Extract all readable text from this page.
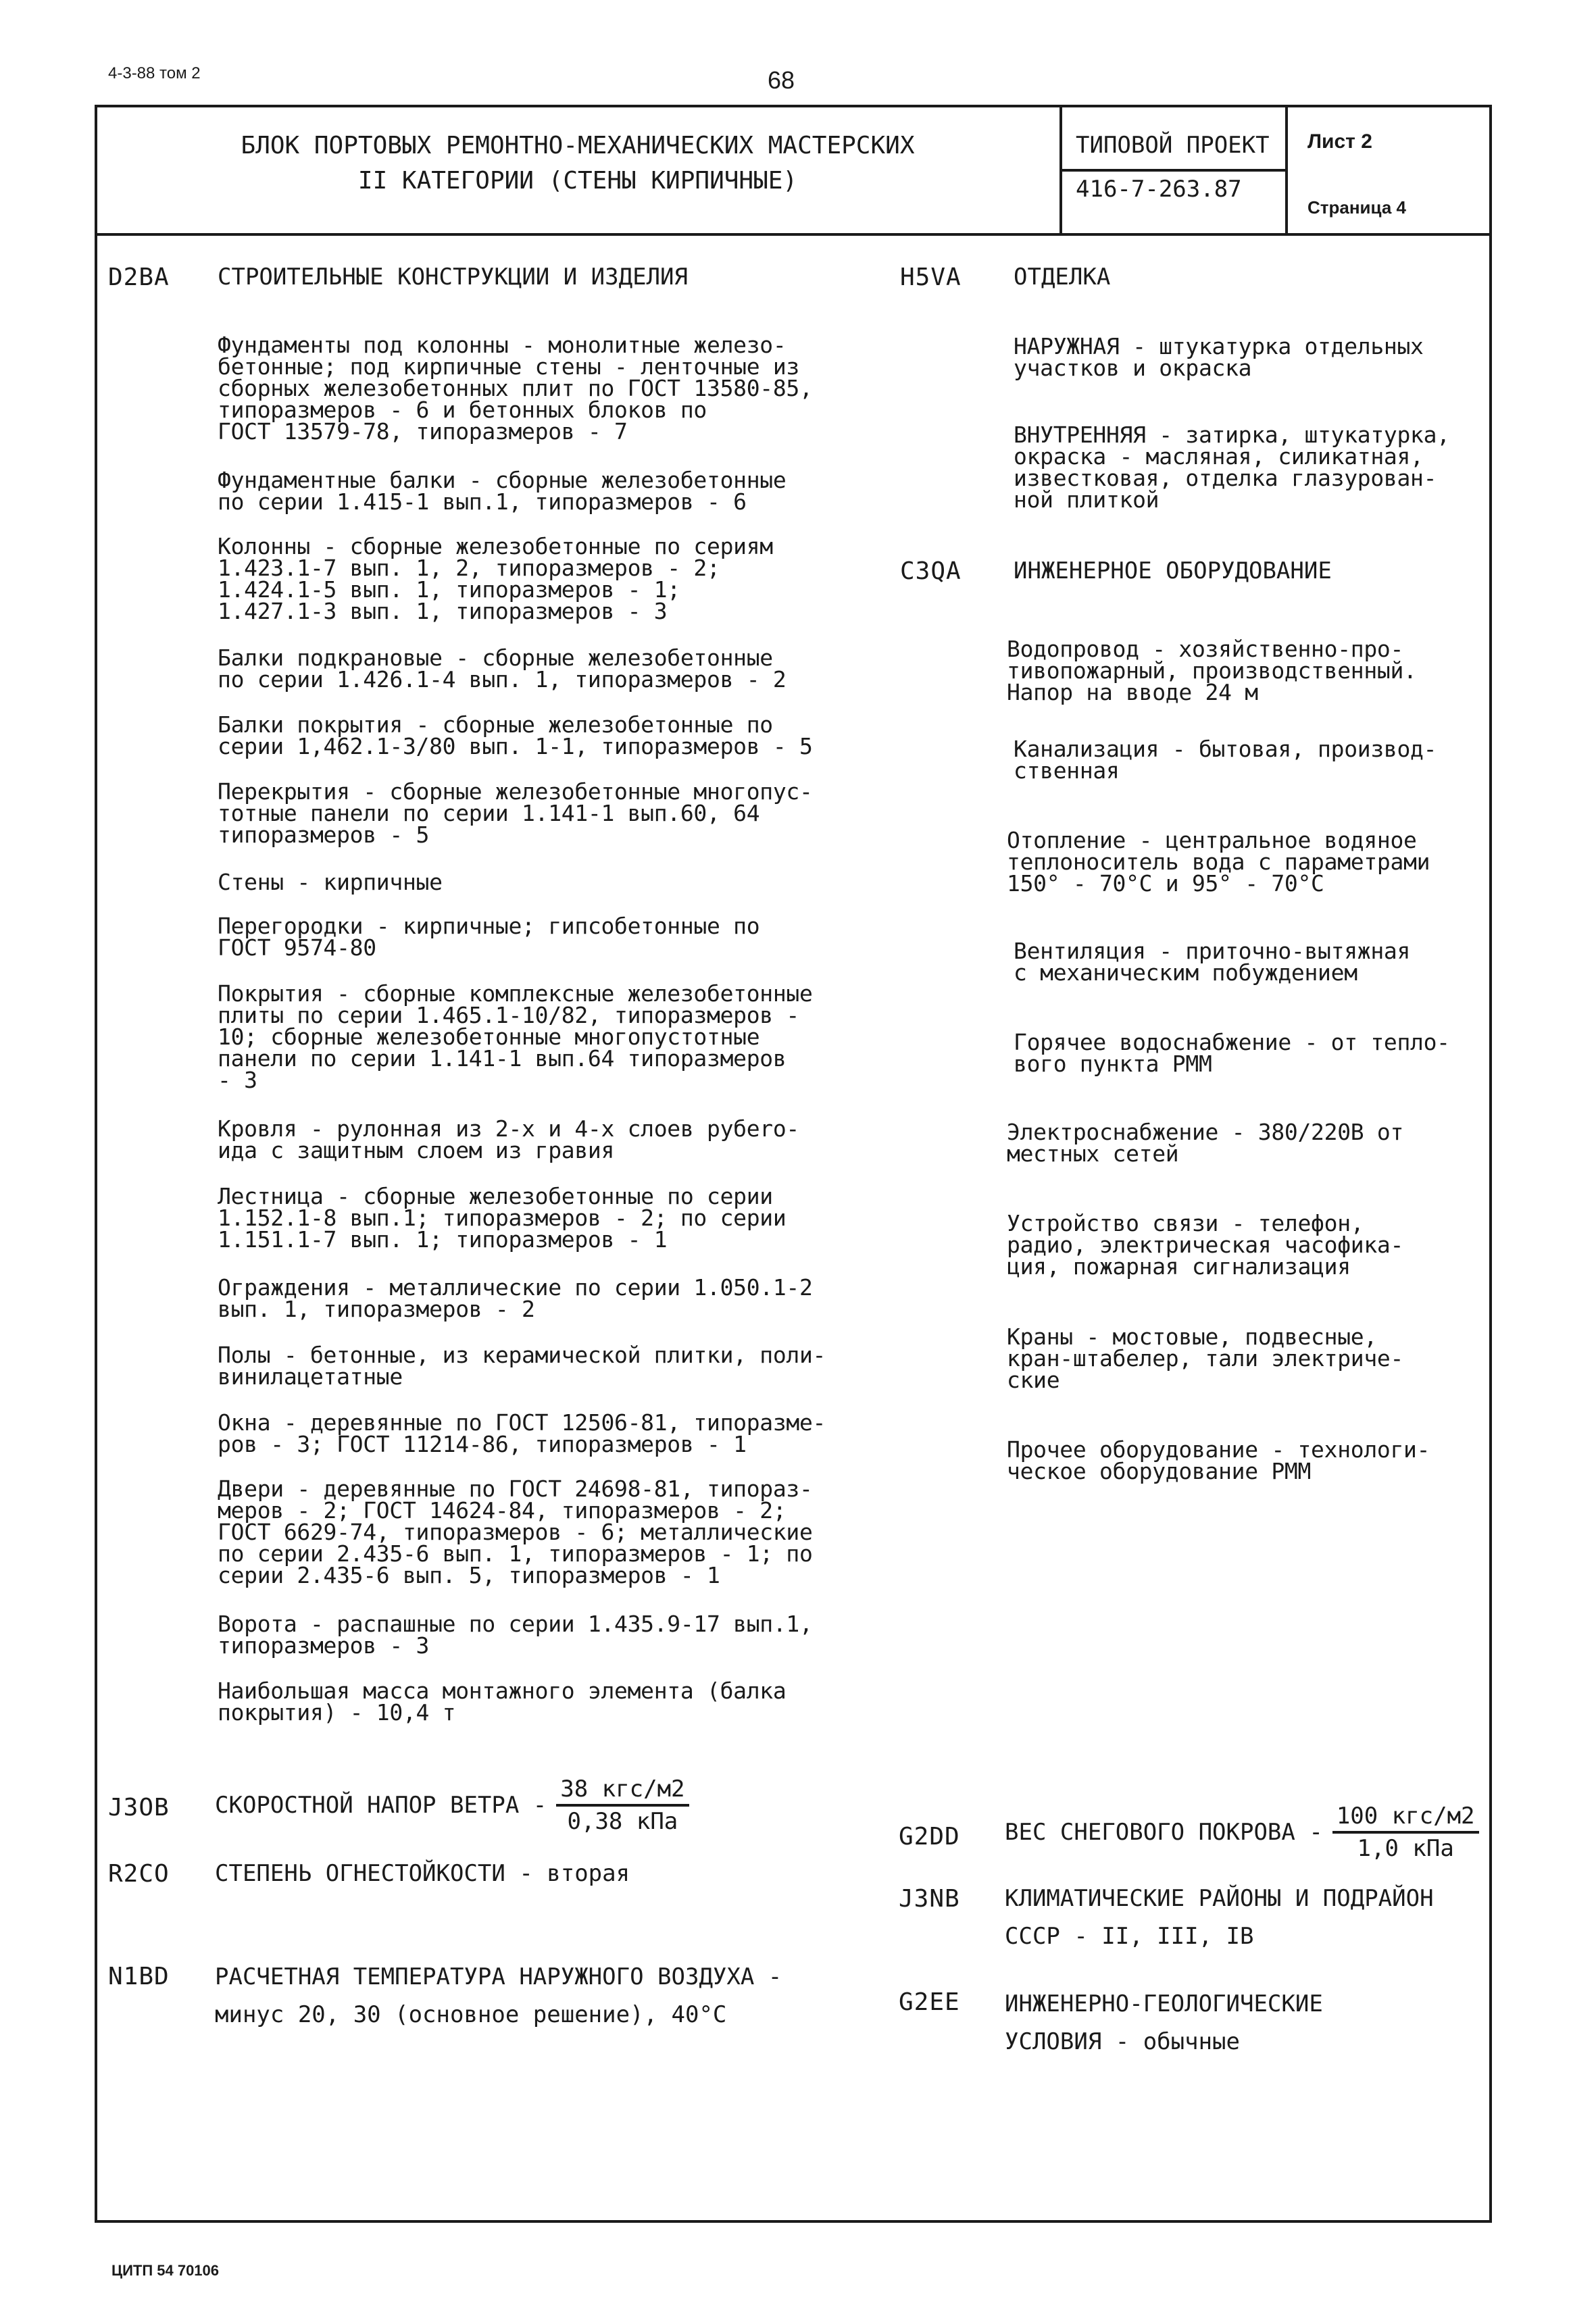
4-3-88 том 2	68
БЛОК ПОРТОВЫХ РЕМОНТНО-МЕХАНИЧЕСКИХ МАСТЕРСКИХ
II КАТЕГОРИИ (СТЕНЫ КИРПИЧНЫЕ)
ТИПОВОЙ ПРОЕКТ
416-7-263.87
Лист 2
Страница 4
D2BA СТРОИТЕЛЬНЫЕ КОНСТРУКЦИИ И ИЗДЕЛИЯ
Фундаменты под колонны - монолитные железо-
бетонные; под кирпичные стены - ленточные из
сборных железобетонных плит по ГОСТ 13580-85,
типоразмеров - 6 и бетонных блоков по
ГОСТ 13579-78, типоразмеров - 7
Фундаментные балки - сборные железобетонные
по серии 1.415-1 вып.1, типоразмеров - 6
Колонны - сборные железобетонные по сериям
1.423.1-7 вып. 1, 2, типоразмеров - 2;
1.424.1-5 вып. 1, типоразмеров - 1;
1.427.1-3 вып. 1, типоразмеров - 3
Балки подкрановые - сборные железобетонные
по серии 1.426.1-4 вып. 1, типоразмеров - 2
Балки покрытия - сборные железобетонные по
серии 1,462.1-3/80 вып. 1-1, типоразмеров - 5
Перекрытия - сборные железобетонные многопус-
тотные панели по серии 1.141-1 вып.60, 64
типоразмеров - 5
Стены - кирпичные
Перегородки - кирпичные; гипсобетонные по
ГОСТ 9574-80
Покрытия - сборные комплексные железобетонные
плиты по серии 1.465.1-10/82, типоразмеров -
10; сборные железобетонные многопустотные
панели по серии 1.141-1 вып.64 типоразмеров
- 3
Кровля - рулонная из 2-х и 4-х слоев рубero-
ида с защитным слоем из гравия
Лестница - сборные железобетонные по серии
1.152.1-8 вып.1; типоразмеров - 2; по серии
1.151.1-7 вып. 1; типоразмеров - 1
Ограждения - металлические по серии 1.050.1-2
вып. 1, типоразмеров - 2
Полы - бетонные, из керамической плитки, поли-
винилацетатные
Окна - деревянные по ГОСТ 12506-81, типоразме-
ров - 3; ГОСТ 11214-86, типоразмеров - 1
Двери - деревянные по ГОСТ 24698-81, типораз-
меров - 2; ГОСТ 14624-84, типоразмеров - 2;
ГОСТ 6629-74, типоразмеров - 6; металлические
по серии 2.435-6 вып. 1, типоразмеров - 1; по
серии 2.435-6 вып. 5, типоразмеров - 1
Ворота - распашные по серии 1.435.9-17 вып.1,
типоразмеров - 3
Наибольшая масса монтажного элемента (балка
покрытия) - 10,4 т
J3OB СКОРОСТНОЙ НАПОР ВЕТРА - $\frac{\text{38 кгс/м2}}{\text{0,38 кПа}}$
R2CO СТЕПЕНЬ ОГНЕСТОЙКОСТИ - вторая
N1BD РАСЧЕТНАЯ ТЕМПЕРАТУРА НАРУЖНОГО ВОЗДУХА -
минус 20, 30 (основное решение), 40°С
H5VA ОТДЕЛКА
НАРУЖНАЯ - штукатурка отдельных
участков и окраска
ВНУТРЕННЯЯ - затирка, штукатурка,
окраска - масляная, силикатная,
известковая, отделка глазурован-
ной плиткой
C3QA ИНЖЕНЕРНОЕ ОБОРУДОВАНИЕ
Водопровод - хозяйственно-про-
тивопожарный, производственный.
Напор на вводе 24 м
Канализация - бытовая, производ-
ственная
Отопление - центральное водяное
теплоноситель вода с параметрами
150° - 70°С и 95° - 70°С
Вентиляция - приточно-вытяжная
с механическим побуждением
Горячее водоснабжение - от тепло-
вого пункта РММ
Электроснабжение - 380/220В от
местных сетей
Устройство связи - телефон,
радио, электрическая часофика-
ция, пожарная сигнализация
Краны - мостовые, подвесные,
кран-штабелер, тали электриче-
ские
Прочее оборудование - технологи-
ческое оборудование РММ
G2DD ВЕС СНЕГОВОГО ПОКРОВА - $\frac{\text{100 кгс/м2}}{\text{1,0 кПа}}$
J3NB КЛИМАТИЧЕСКИЕ РАЙОНЫ И ПОДРАЙОН
СССР - II, III, IB
G2EE ИНЖЕНЕРНО-ГЕОЛОГИЧЕСКИЕ
УСЛОВИЯ - обычные
ЦИТП 54 70106
